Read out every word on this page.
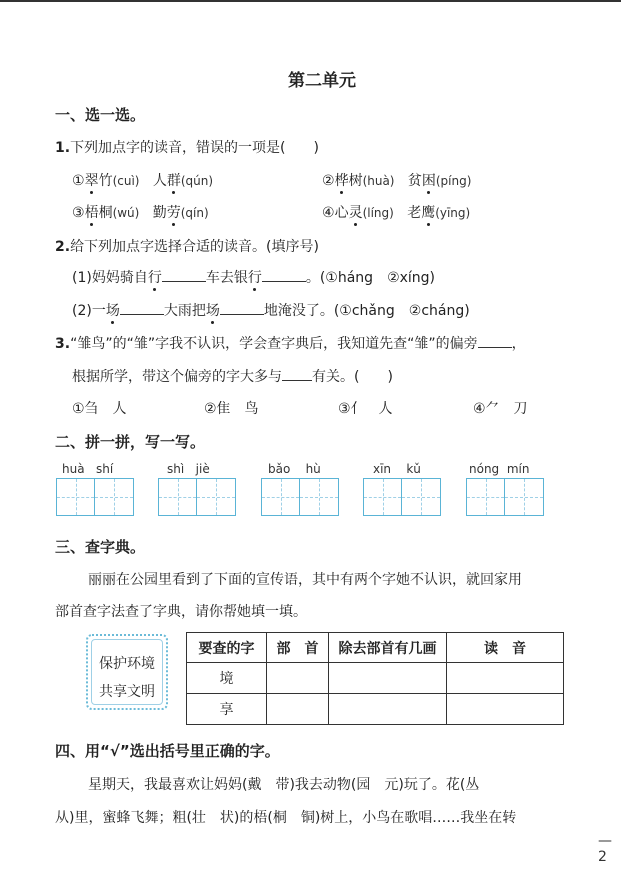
第二单元
一、选一选。
1.下列加点字的读音，错误的一项是(　　)
①翠竹(cuì) 人群(qún)	②桦树(huà) 贫困(píng)
③梧桐(wú) 勤劳(qín)	④心灵(líng) 老鹰(yīng)
2.给下列加点字选择合适的读音。(填序号)
(1)妈妈骑自行	车去银行	。(①háng　②xíng)
(2)一场	大雨把场	地淹没了。(①chǎng　②cháng)
3.“雏鸟”的“雏”字我不认识，学会查字典后，我知道先查“雏”的偏旁 ，
根据所学，带这个偏旁的字大多与 有关。(　　)
①刍　人	②隹　鸟	③亻　人	④⺈　刀
二、拼一拼，写一写。
huà shí	shì jiè	bǎo hù	xīn kǔ	nóng mín
三、查字典。
丽丽在公园里看到了下面的宣传语，其中有两个字她不认识，就回家用
部首查字法查了字典，请你帮她填一填。
保护环境
共享文明
要查的字	部　首	除去部首有几画	读　音
境			
享			
四、用“√”选出括号里正确的字。
星期天，我最喜欢让妈妈(戴　带)我去动物(园　元)玩了。花(丛
从)里，蜜蜂飞舞；粗(壮　状)的梧(桐　铜)树上，小鸟在歌唱……我坐在转
— 2
